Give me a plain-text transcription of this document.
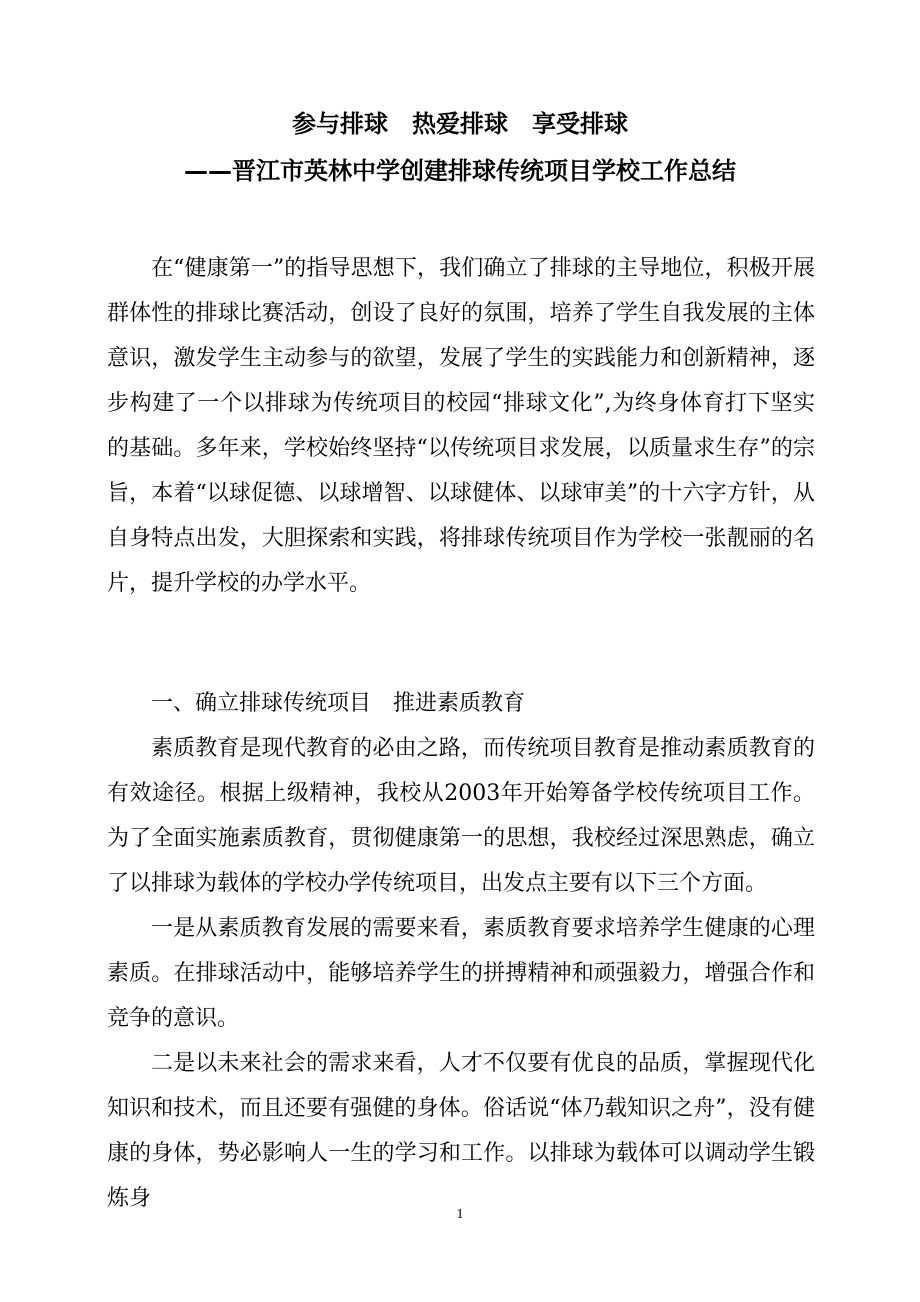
参与排球　热爱排球　享受排球
——晋江市英林中学创建排球传统项目学校工作总结

在“健康第一”的指导思想下，我们确立了排球的主导地位，积极开展群体性的排球比赛活动，创设了良好的氛围，培养了学生自我发展的主体意识，激发学生主动参与的欲望，发展了学生的实践能力和创新精神，逐步构建了一个以排球为传统项目的校园“排球文化”,为终身体育打下坚实的基础。多年来，学校始终坚持“以传统项目求发展，以质量求生存”的宗旨，本着“以球促德、以球增智、以球健体、以球审美”的十六字方针，从自身特点出发，大胆探索和实践，将排球传统项目作为学校一张靓丽的名片，提升学校的办学水平。

一、确立排球传统项目　推进素质教育

素质教育是现代教育的必由之路，而传统项目教育是推动素质教育的有效途径。根据上级精神，我校从2003年开始筹备学校传统项目工作。为了全面实施素质教育，贯彻健康第一的思想，我校经过深思熟虑，确立了以排球为载体的学校办学传统项目，出发点主要有以下三个方面。

一是从素质教育发展的需要来看，素质教育要求培养学生健康的心理素质。在排球活动中，能够培养学生的拼搏精神和顽强毅力，增强合作和竞争的意识。

二是以未来社会的需求来看，人才不仅要有优良的品质，掌握现代化知识和技术，而且还要有强健的身体。俗话说“体乃载知识之舟”，没有健康的身体，势必影响人一生的学习和工作。以排球为载体可以调动学生锻炼身

1
